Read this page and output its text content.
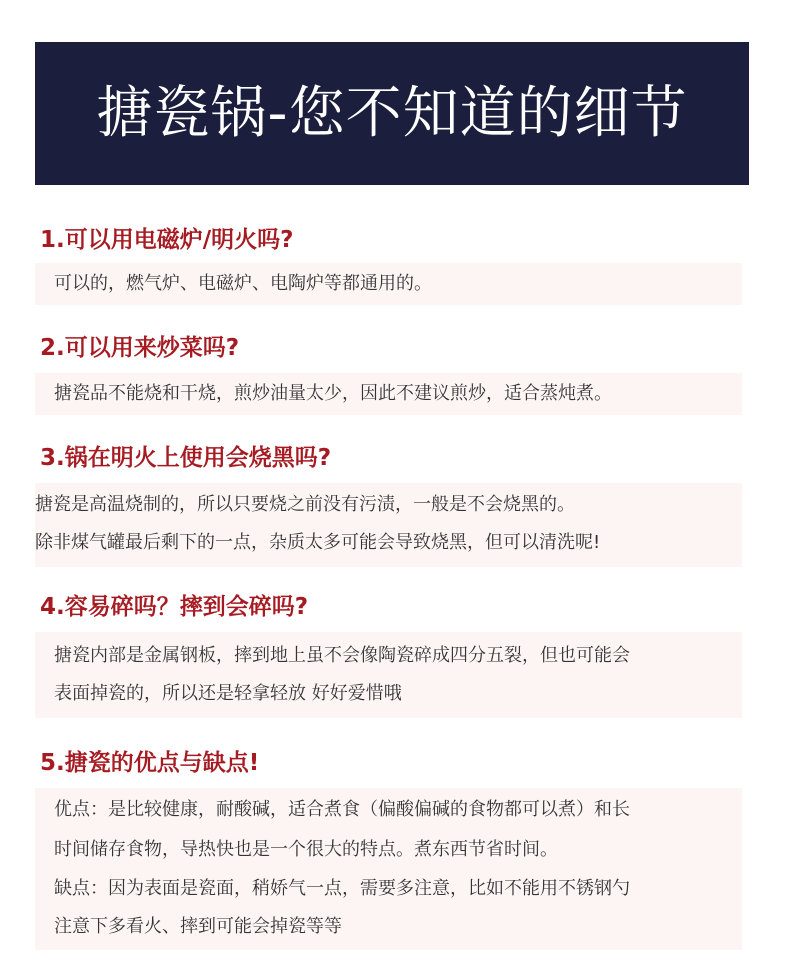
搪瓷锅-您不知道的细节
1.可以用电磁炉/明火吗?
可以的，燃气炉、电磁炉、电陶炉等都通用的。
2.可以用来炒菜吗?
搪瓷品不能烧和干烧，煎炒油量太少，因此不建议煎炒，适合蒸炖煮。
3.锅在明火上使用会烧黑吗?
搪瓷是高温烧制的，所以只要烧之前没有污渍，一般是不会烧黑的。
除非煤气罐最后剩下的一点，杂质太多可能会导致烧黑，但可以清洗呢!
4.容易碎吗？摔到会碎吗?
搪瓷内部是金属钢板，摔到地上虽不会像陶瓷碎成四分五裂，但也可能会
表面掉瓷的，所以还是轻拿轻放 好好爱惜哦
5.搪瓷的优点与缺点!
优点：是比较健康，耐酸碱，适合煮食（偏酸偏碱的食物都可以煮）和长
时间储存食物，导热快也是一个很大的特点。煮东西节省时间。
缺点：因为表面是瓷面，稍娇气一点，需要多注意，比如不能用不锈钢勺
注意下多看火、摔到可能会掉瓷等等
